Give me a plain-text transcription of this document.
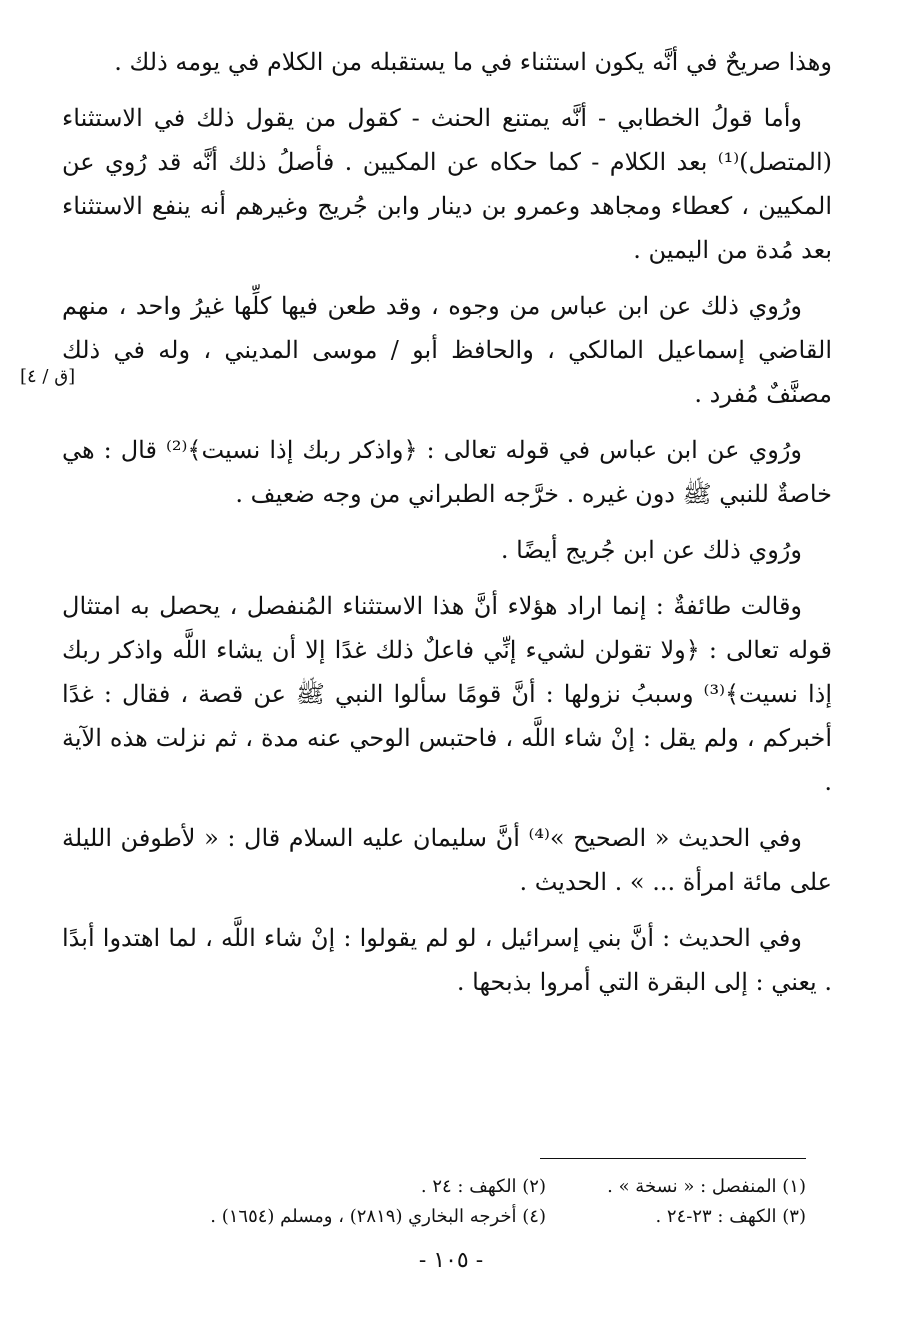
وهذا صريحٌ في أنَّه يكون استثناء في ما يستقبله من الكلام في يومه ذلك .

وأما قولُ الخطابي - أنَّه يمتنع الحنث - كقول من يقول ذلك في الاستثناء (المتصل)⁽¹⁾ بعد الكلام - كما حكاه عن المكيين . فأصلُ ذلك أنَّه قد رُوي عن المكيين ، كعطاء ومجاهد وعمرو بن دينار وابن جُريج وغيرهم أنه ينفع الاستثناء بعد مُدة من اليمين .

ورُوي ذلك عن ابن عباس من وجوه ، وقد طعن فيها كلِّها غيرُ واحد ، منهم القاضي إسماعيل المالكي ، والحافظ أبو / موسى المديني ، وله في ذلك مصنَّفٌ مُفرد .

ورُوي عن ابن عباس في قوله تعالى : ﴿واذكر ربك إذا نسيت﴾⁽²⁾ قال : هي خاصةٌ للنبي ﷺ دون غيره . خرَّجه الطبراني من وجه ضعيف .

ورُوي ذلك عن ابن جُريج أيضًا .

وقالت طائفةٌ : إنما اراد هؤلاء أنَّ هذا الاستثناء المُنفصل ، يحصل به امتثال قوله تعالى : ﴿ولا تقولن لشيء إنِّي فاعلٌ ذلك غدًا إلا أن يشاء اللَّه واذكر ربك إذا نسيت﴾⁽³⁾ وسببُ نزولها : أنَّ قومًا سألوا النبي ﷺ عن قصة ، فقال : غدًا أخبركم ، ولم يقل : إنْ شاء اللَّه ، فاحتبس الوحي عنه مدة ، ثم نزلت هذه الآية .

وفي الحديث « الصحيح »⁽⁴⁾ أنَّ سليمان عليه السلام قال : « لأطوفن الليلة على مائة امرأة ... » . الحديث .

وفي الحديث : أنَّ بني إسرائيل ، لو لم يقولوا : إنْ شاء اللَّه ، لما اهتدوا أبدًا . يعني : إلى البقرة التي أمروا بذبحها .

[ق / ٤]
(١) المنفصل : « نسخة » .
(٢) الكهف : ٢٤ .
(٣) الكهف : ٢٣-٢٤ .
(٤) أخرجه البخاري (٢٨١٩) ، ومسلم (١٦٥٤) .
- ١٠٥ -
